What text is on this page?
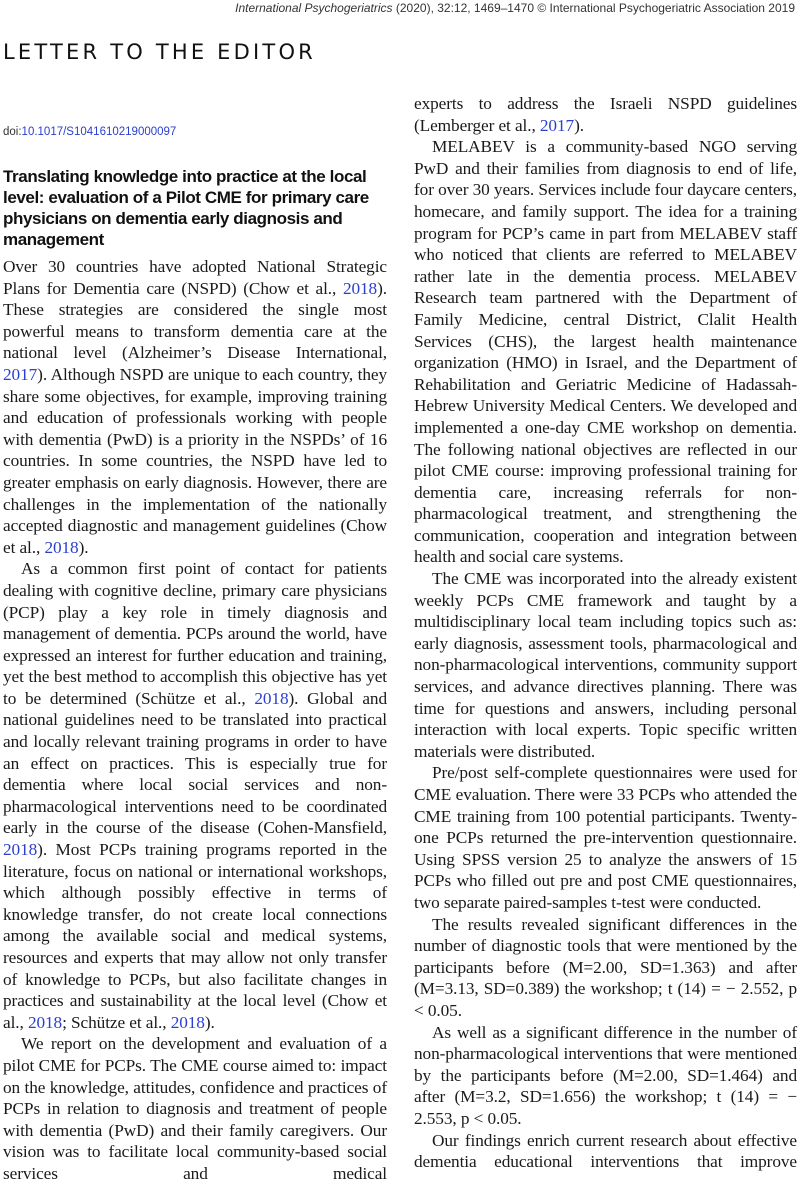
International Psychogeriatrics (2020), 32:12, 1469–1470 © International Psychogeriatric Association 2019
LETTER TO THE EDITOR
doi:10.1017/S1041610219000097
Translating knowledge into practice at the local level: evaluation of a Pilot CME for primary care physicians on dementia early diagnosis and management

Over 30 countries have adopted National Strategic Plans for Dementia care (NSPD) (Chow et al., 2018). These strategies are considered the single most powerful means to transform dementia care at the national level (Alzheimer’s Disease International, 2017). Although NSPD are unique to each country, they share some objectives, for example, improving training and education of professionals working with people with dementia (PwD) is a priority in the NSPDs’ of 16 countries. In some countries, the NSPD have led to greater emphasis on early diagnosis. However, there are challenges in the implementation of the nationally accepted diagnostic and management guidelines (Chow et al., 2018).

As a common first point of contact for patients dealing with cognitive decline, primary care physicians (PCP) play a key role in timely diagnosis and management of dementia. PCPs around the world, have expressed an interest for further education and training, yet the best method to accomplish this objective has yet to be determined (Schütze et al., 2018). Global and national guidelines need to be translated into practical and locally relevant training programs in order to have an effect on practices. This is especially true for dementia where local social services and non-pharmacological interventions need to be coordinated early in the course of the disease (Cohen-Mansfield, 2018). Most PCPs training programs reported in the literature, focus on national or international workshops, which although possibly effective in terms of knowledge transfer, do not create local connections among the available social and medical systems, resources and experts that may allow not only transfer of knowledge to PCPs, but also facilitate changes in practices and sustainability at the local level (Chow et al., 2018; Schütze et al., 2018).

We report on the development and evaluation of a pilot CME for PCPs. The CME course aimed to: impact on the knowledge, attitudes, confidence and practices of PCPs in relation to diagnosis and treatment of people with dementia (PwD) and their family caregivers. Our vision was to facilitate local community-based social services and medical

experts to address the Israeli NSPD guidelines (Lemberger et al., 2017).

MELABEV is a community-based NGO serving PwD and their families from diagnosis to end of life, for over 30 years. Services include four daycare centers, homecare, and family support. The idea for a training program for PCP’s came in part from MELABEV staff who noticed that clients are referred to MELABEV rather late in the dementia process. MELABEV Research team partnered with the Department of Family Medicine, central District, Clalit Health Services (CHS), the largest health maintenance organization (HMO) in Israel, and the Department of Rehabilitation and Geriatric Medicine of Hadassah-Hebrew University Medical Centers. We developed and implemented a one-day CME workshop on dementia. The following national objectives are reflected in our pilot CME course: improving professional training for dementia care, increasing referrals for non-pharmacological treatment, and strengthening the communication, cooperation and integration between health and social care systems.

The CME was incorporated into the already existent weekly PCPs CME framework and taught by a multidisciplinary local team including topics such as: early diagnosis, assessment tools, pharmacological and non-pharmacological interventions, community support services, and advance directives planning. There was time for questions and answers, including personal interaction with local experts. Topic specific written materials were distributed.

Pre/post self-complete questionnaires were used for CME evaluation. There were 33 PCPs who attended the CME training from 100 potential participants. Twenty-one PCPs returned the pre-intervention questionnaire. Using SPSS version 25 to analyze the answers of 15 PCPs who filled out pre and post CME questionnaires, two separate paired-samples t-test were conducted.

The results revealed significant differences in the number of diagnostic tools that were mentioned by the participants before (M=2.00, SD=1.363) and after (M=3.13, SD=0.389) the workshop; t (14) = − 2.552, p < 0.05.

As well as a significant difference in the number of non-pharmacological interventions that were mentioned by the participants before (M=2.00, SD=1.464) and after (M=3.2, SD=1.656) the workshop; t (14) = − 2.553, p < 0.05.

Our findings enrich current research about effective dementia educational interventions that improve
